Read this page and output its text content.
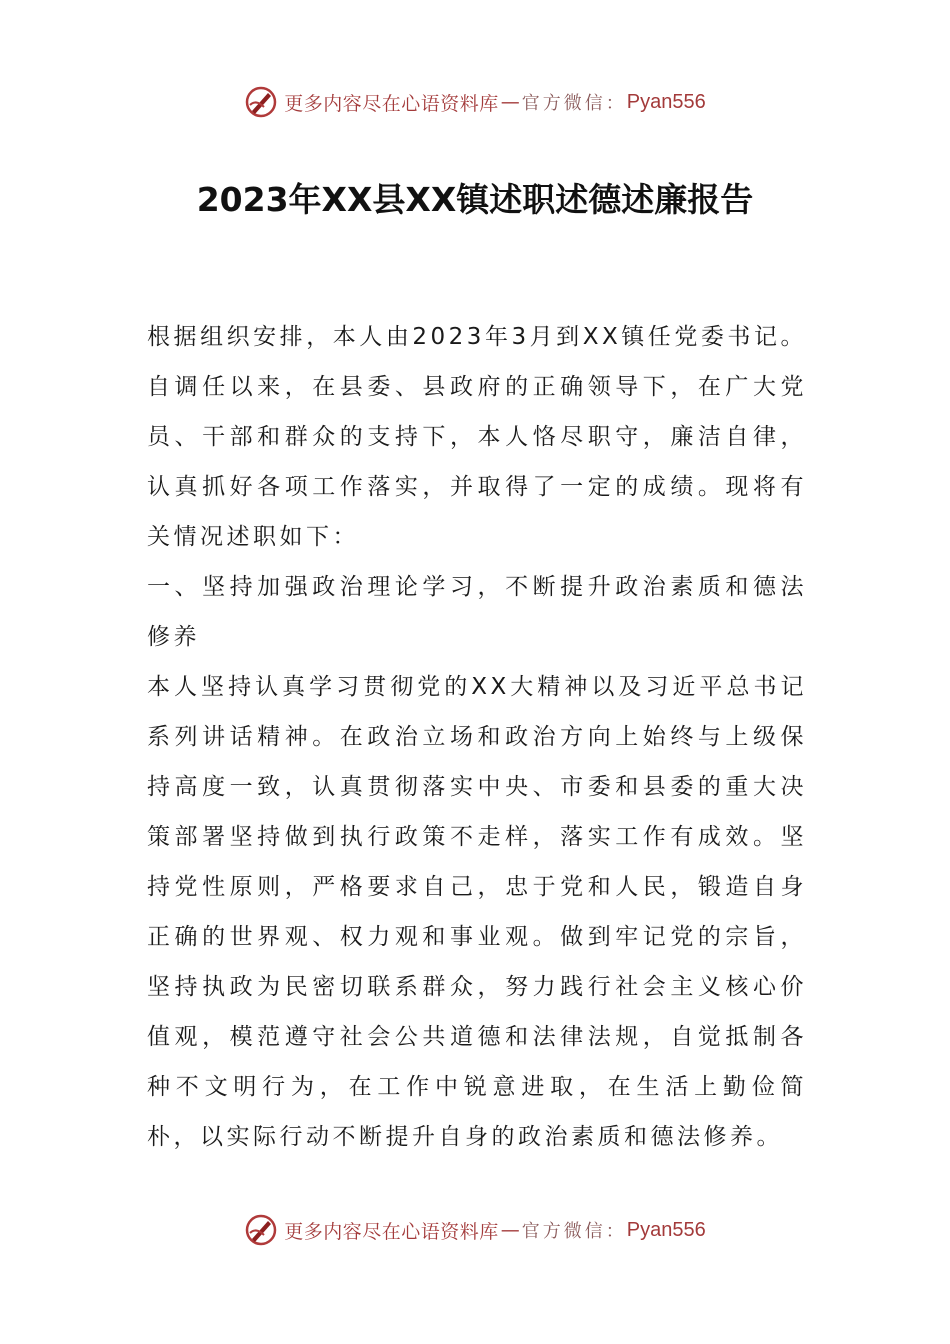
更多内容尽在心语资料库 — 官方微信： Pyan556
2023年XX县XX镇述职述德述廉报告

根据组织安排，本人由2023年3月到XX镇任党委书记。自调任以来，在县委、县政府的正确领导下，在广大党员、干部和群众的支持下，本人恪尽职守，廉洁自律，认真抓好各项工作落实，并取得了一定的成绩。现将有关情况述职如下：

一、坚持加强政治理论学习，不断提升政治素质和德法修养

本人坚持认真学习贯彻党的XX大精神以及习近平总书记系列讲话精神。在政治立场和政治方向上始终与上级保持高度一致，认真贯彻落实中央、市委和县委的重大决策部署坚持做到执行政策不走样，落实工作有成效。坚持党性原则，严格要求自己，忠于党和人民，锻造自身正确的世界观、权力观和事业观。做到牢记党的宗旨，坚持执政为民密切联系群众，努力践行社会主义核心价值观，模范遵守社会公共道德和法律法规，自觉抵制各种不文明行为，在工作中锐意进取，在生活上勤俭简朴，以实际行动不断提升自身的政治素质和德法修养。

更多内容尽在心语资料库 — 官方微信： Pyan556
